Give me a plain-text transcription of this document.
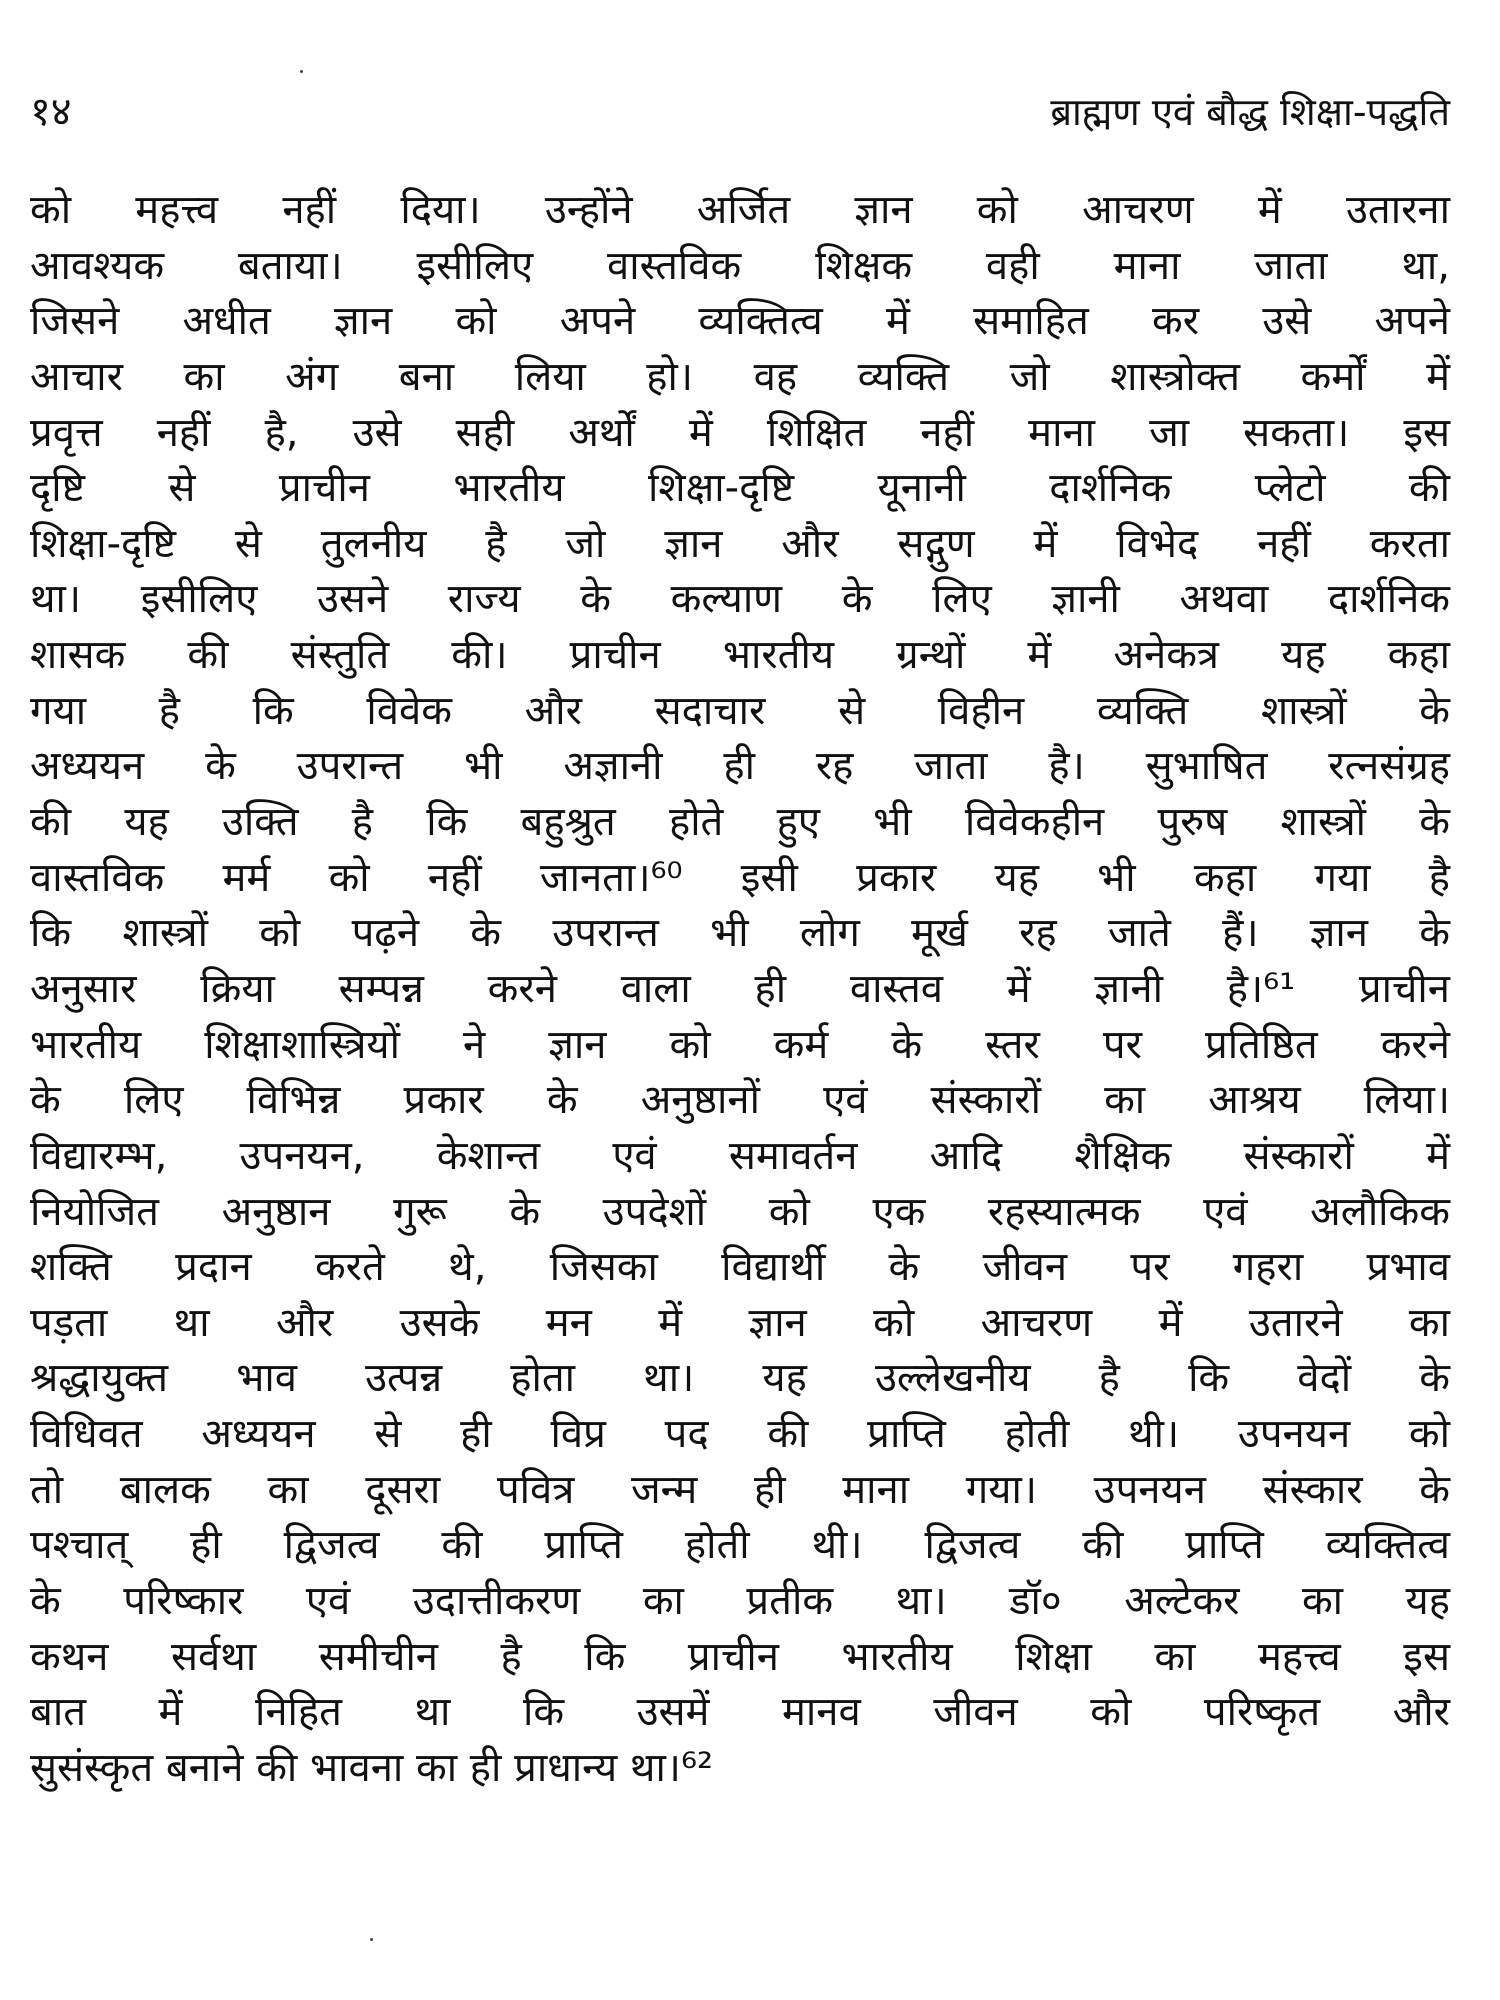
१४	ब्राह्मण एवं बौद्ध शिक्षा-पद्धति
को महत्त्व नहीं दिया। उन्होंने अर्जित ज्ञान को आचरण में उतारना
आवश्यक बताया। इसीलिए वास्तविक शिक्षक वही माना जाता था,
जिसने अधीत ज्ञान को अपने व्यक्तित्व में समाहित कर उसे अपने
आचार का अंग बना लिया हो। वह व्यक्ति जो शास्त्रोक्त कर्मों में
प्रवृत्त नहीं है, उसे सही अर्थों में शिक्षित नहीं माना जा सकता। इस
दृष्टि से प्राचीन भारतीय शिक्षा-दृष्टि यूनानी दार्शनिक प्लेटो की
शिक्षा-दृष्टि से तुलनीय है जो ज्ञान और सद्गुण में विभेद नहीं करता
था। इसीलिए उसने राज्य के कल्याण के लिए ज्ञानी अथवा दार्शनिक
शासक की संस्तुति की। प्राचीन भारतीय ग्रन्थों में अनेकत्र यह कहा
गया है कि विवेक और सदाचार से विहीन व्यक्ति शास्त्रों के
अध्ययन के उपरान्त भी अज्ञानी ही रह जाता है। सुभाषित रत्नसंग्रह
की यह उक्ति है कि बहुश्रुत होते हुए भी विवेकहीन पुरुष शास्त्रों के
वास्तविक मर्म को नहीं जानता।⁶⁰ इसी प्रकार यह भी कहा गया है
कि शास्त्रों को पढ़ने के उपरान्त भी लोग मूर्ख रह जाते हैं। ज्ञान के
अनुसार क्रिया सम्पन्न करने वाला ही वास्तव में ज्ञानी है।⁶¹ प्राचीन
भारतीय शिक्षाशास्त्रियों ने ज्ञान को कर्म के स्तर पर प्रतिष्ठित करने
के लिए विभिन्न प्रकार के अनुष्ठानों एवं संस्कारों का आश्रय लिया।
विद्यारम्भ, उपनयन, केशान्त एवं समावर्तन आदि शैक्षिक संस्कारों में
नियोजित अनुष्ठान गुरू के उपदेशों को एक रहस्यात्मक एवं अलौकिक
शक्ति प्रदान करते थे, जिसका विद्यार्थी के जीवन पर गहरा प्रभाव
पड़ता था और उसके मन में ज्ञान को आचरण में उतारने का
श्रद्धायुक्त भाव उत्पन्न होता था। यह उल्लेखनीय है कि वेदों के
विधिवत अध्ययन से ही विप्र पद की प्राप्ति होती थी। उपनयन को
तो बालक का दूसरा पवित्र जन्म ही माना गया। उपनयन संस्कार के
पश्चात् ही द्विजत्व की प्राप्ति होती थी। द्विजत्व की प्राप्ति व्यक्तित्व
के परिष्कार एवं उदात्तीकरण का प्रतीक था। डॉ० अल्टेकर का यह
कथन सर्वथा समीचीन है कि प्राचीन भारतीय शिक्षा का महत्त्व इस
बात में निहित था कि उसमें मानव जीवन को परिष्कृत और
सुसंस्कृत बनाने की भावना का ही प्राधान्य था।⁶²
